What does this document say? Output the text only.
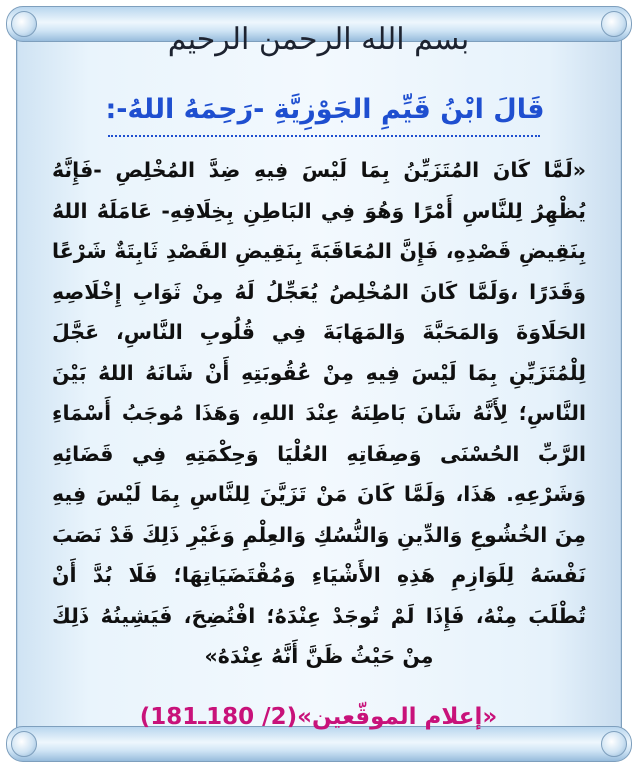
بسم الله الرحمن الرحيم
قَالَ ابْنُ قَيِّمِ الجَوْزِيَّةِ -رَحِمَهُ اللهُ-:
«لَمَّا كَانَ المُتَزَيِّنُ بِمَا لَيْسَ فِيهِ ضِدَّ المُخْلِصِ -فَإِنَّهُ يُظْهِرُ لِلنَّاسِ أَمْرًا وَهُوَ فِي البَاطِنِ بِخِلَافِهِ- عَامَلَهُ اللهُ بِنَقِيضِ قَصْدِهِ، فَإِنَّ المُعَاقَبَةَ بِنَقِيضِ القَصْدِ ثَابِتَةٌ شَرْعًا وَقَدَرًا ،وَلَمَّا كَانَ المُخْلِصُ يُعَجِّلُ لَهُ مِنْ ثَوَابِ إِخْلَاصِهِ الحَلَاوَةَ وَالمَحَبَّةَ وَالمَهَابَةَ فِي قُلُوبِ النَّاسِ، عَجَّلَ لِلْمُتَزَيِّنِ بِمَا لَيْسَ فِيهِ مِنْ عُقُوبَتِهِ أَنْ شَانَهُ اللهُ بَيْنَ النَّاسِ؛ لِأَنَّهُ شَانَ بَاطِنَهُ عِنْدَ اللهِ، وَهَذَا مُوجَبُ أَسْمَاءِ الرَّبِّ الحُسْنَى وَصِفَاتِهِ العُلْيَا وَحِكْمَتِهِ فِي قَضَائِهِ وَشَرْعِهِ. هَذَا، وَلَمَّا كَانَ مَنْ تَزَيَّنَ لِلنَّاسِ بِمَا لَيْسَ فِيهِ مِنَ الخُشُوعِ وَالدِّينِ وَالنُّسُكِ وَالعِلْمِ وَغَيْرِ ذَلِكَ قَدْ نَصَبَ نَفْسَهُ لِلَوَازِمِ هَذِهِ الأَشْيَاءِ وَمُقْتَضَيَاتِهَا؛ فَلَا بُدَّ أَنْ تُطْلَبَ مِنْهُ، فَإِذَا لَمْ تُوجَدْ عِنْدَهُ؛ افْتُضِحَ، فَيَشِينُهُ ذَلِكَ مِنْ حَيْثُ ظَنَّ أَنَّهُ عِنْدَهُ»
«إعلام الموقّعين»(2/ 180ـ181)
